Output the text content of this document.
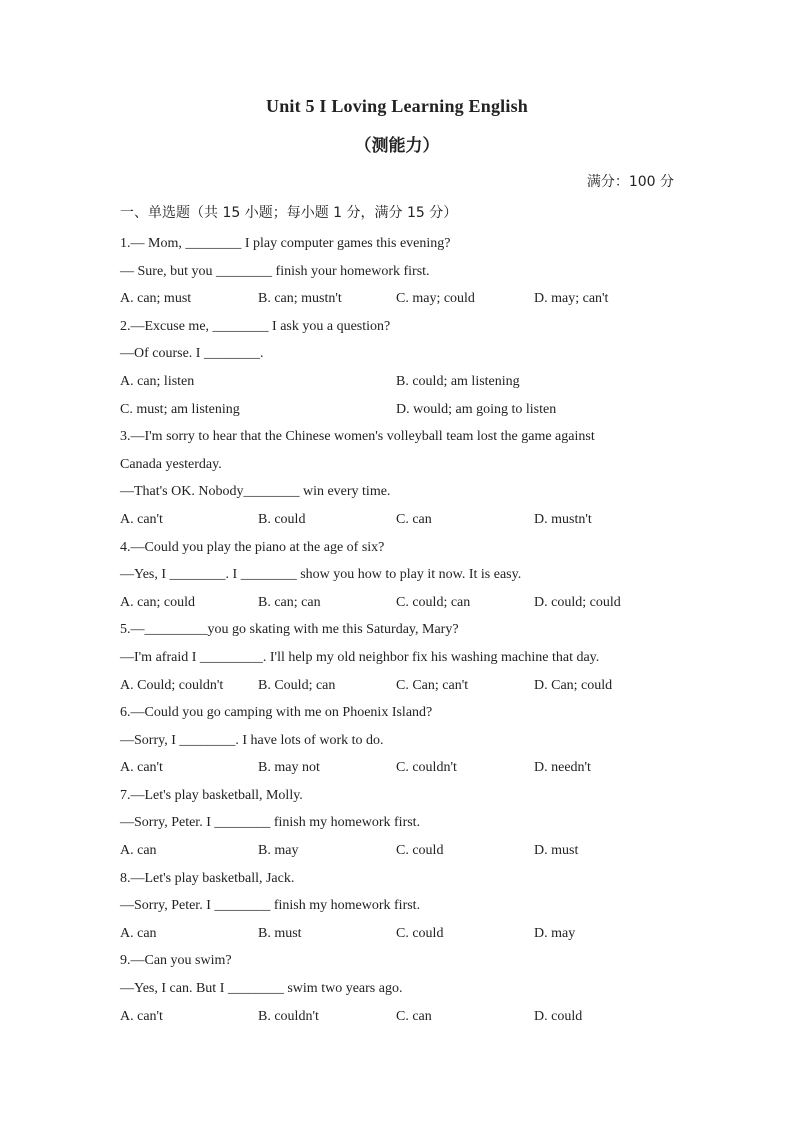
Unit 5 I Loving Learning English
（测能力）
满分：100 分
一、单选题（共 15 小题；每小题 1 分，满分 15 分）
1.— Mom, ________ I play computer games this evening?
— Sure, but you ________ finish your homework first.
A. can; must	B. can; mustn't	C. may; could	D. may; can't
2.—Excuse me, ________ I ask you a question?
—Of course. I ________.
A. can; listen	B. could; am listening
C. must; am listening	D. would; am going to listen
3.—I'm sorry to hear that the Chinese women's volleyball team lost the game against
Canada yesterday.
—That's OK. Nobody________ win every time.
A. can't	B. could	C. can	D. mustn't
4.—Could you play the piano at the age of six?
—Yes, I ________. I ________ show you how to play it now. It is easy.
A. can; could	B. can; can	C. could; can	D. could; could
5.—_________you go skating with me this Saturday, Mary?
—I'm afraid I _________. I'll help my old neighbor fix his washing machine that day.
A. Could; couldn't	B. Could; can	C. Can; can't	D. Can; could
6.—Could you go camping with me on Phoenix Island?
—Sorry, I ________. I have lots of work to do.
A. can't	B. may not	C. couldn't	D. needn't
7.—Let's play basketball, Molly.
—Sorry, Peter. I ________ finish my homework first.
A. can	B. may	C. could	D. must
8.—Let's play basketball, Jack.
—Sorry, Peter. I ________ finish my homework first.
A. can	B. must	C. could	D. may
9.—Can you swim?
—Yes, I can. But I ________ swim two years ago.
A. can't	B. couldn't	C. can	D. could
